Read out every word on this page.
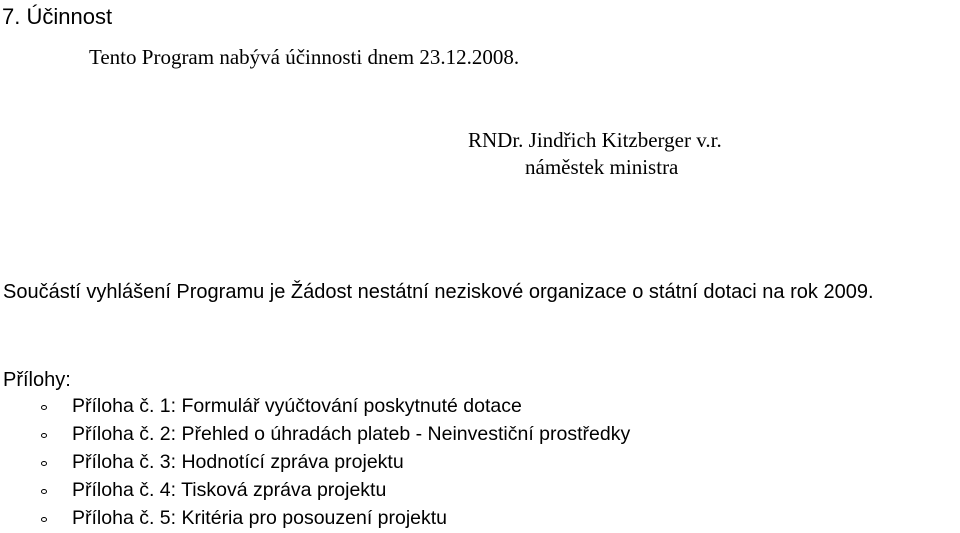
7. Účinnost
Tento Program nabývá účinnosti dnem 23.12.2008.
RNDr. Jindřich Kitzberger v.r.
náměstek ministra
Součástí vyhlášení Programu je Žádost nestátní neziskové organizace o státní dotaci na rok 2009.
Přílohy:
Příloha č. 1: Formulář vyúčtování poskytnuté dotace
Příloha č. 2: Přehled o úhradách plateb - Neinvestiční prostředky
Příloha č. 3: Hodnotící zpráva projektu
Příloha č. 4: Tisková zpráva projektu
Příloha č. 5: Kritéria pro posouzení projektu
